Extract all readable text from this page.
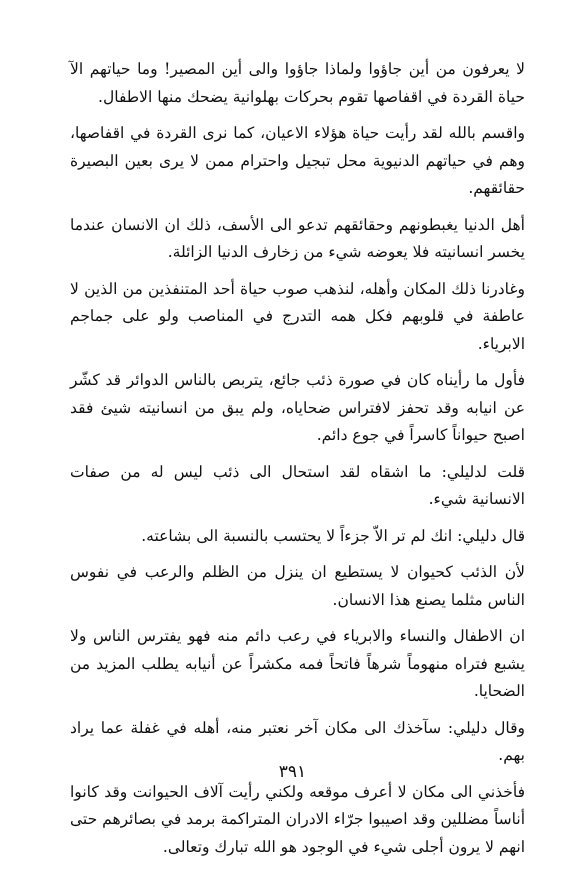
لا يعرفون من أين جاؤوا ولماذا جاؤوا والى أين المصير! وما حياتهم الآ حياة القردة في اقفاصها تقوم بحركات بهلوانية يضحك منها الاطفال.

واقسم بالله لقد رأيت حياة هؤلاء الاعيان، كما نرى القردة في اقفاصها، وهم في حياتهم الدنيوية محل تبجيل واحترام ممن لا يرى بعين البصيرة حقائقهم.

أهل الدنيا يغبطونهم وحقائقهم تدعو الى الأسف، ذلك ان الانسان عندما يخسر انسانيته فلا يعوضه شيء من زخارف الدنيا الزائلة.

وغادرنا ذلك المكان وأهله، لنذهب صوب حياة أحد المتنفذين من الذين لا عاطفة في قلوبهم فكل همه التدرج في المناصب ولو على جماجم الابرياء.

فأول ما رأيناه كان في صورة ذئب جائع، يتربص بالناس الدوائر قد كشّر عن انيابه وقد تحفز لافتراس ضحاياه، ولم يبق من انسانيته شيئ فقد اصبح حيواناً كاسراً في جوع دائم.

قلت لدليلي: ما اشقاه لقد استحال الى ذئب ليس له من صفات الانسانية شيء.

قال دليلي: انك لم تر الاّ جزءاً لا يحتسب بالنسبة الى بشاعته.

لأن الذئب كحيوان لا يستطيع ان ينزل من الظلم والرعب في نفوس الناس مثلما يصنع هذا الانسان.

ان الاطفال والنساء والابرياء في رعب دائم منه فهو يفترس الناس ولا يشبع فتراه منهوماً شرهاً فاتحاً فمه مكشراً عن أنيابه يطلب المزيد من الضحايا.

وقال دليلي: سآخذك الى مكان آخر نعتبر منه، أهله في غفلة عما يراد بهم.

فأخذني الى مكان لا أعرف موقعه ولكني رأيت آلاف الحيوانت وقد كانوا أناساً مضللين وقد اصيبوا جرّاء الادران المتراكمة برمد في بصائرهم حتى انهم لا يرون أجلى شيء في الوجود هو الله تبارك وتعالى.

٣٩١
